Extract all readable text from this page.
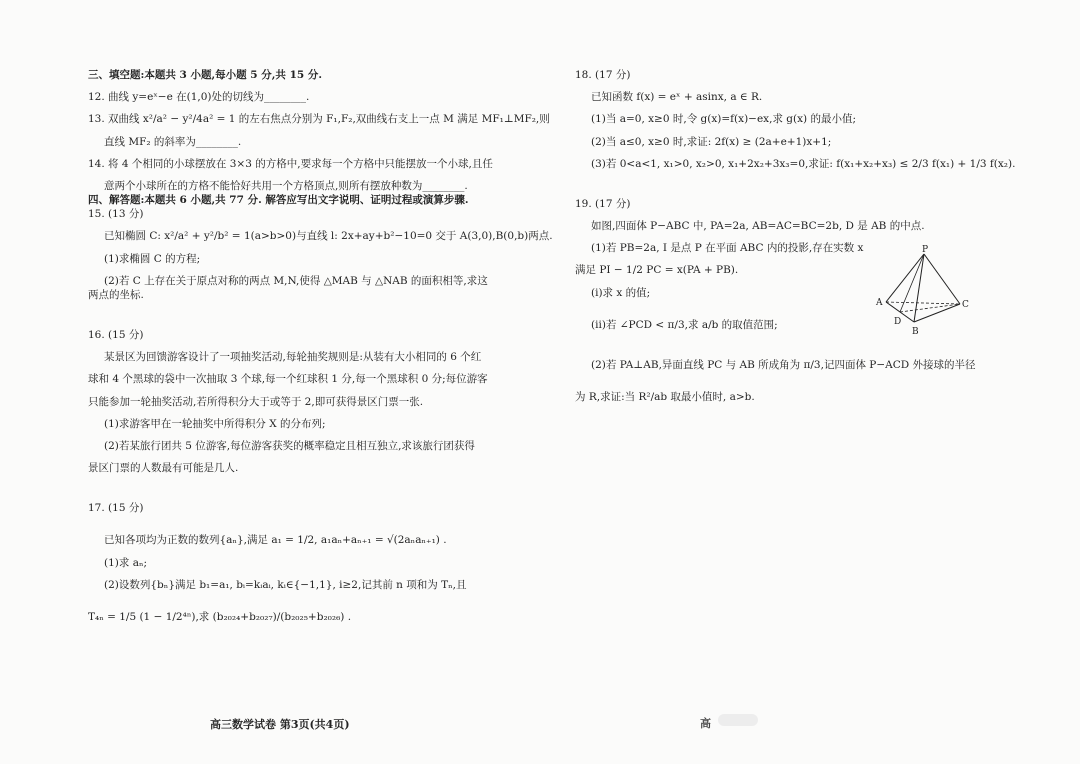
三、填空题:本题共 3 小题,每小题 5 分,共 15 分.

12. 曲线 y=eˣ−e 在(1,0)处的切线为________.

13. 双曲线 x²/a² − y²/4a² = 1 的左右焦点分别为 F₁,F₂,双曲线右支上一点 M 满足 MF₁⊥MF₂,则

直线 MF₂ 的斜率为________.

14. 将 4 个相同的小球摆放在 3×3 的方格中,要求每一个方格中只能摆放一个小球,且任

意两个小球所在的方格不能恰好共用一个方格顶点,则所有摆放种数为________.

四、解答题:本题共 6 小题,共 77 分. 解答应写出文字说明、证明过程或演算步骤.

15. (13 分)

已知椭圆 C: x²/a² + y²/b² = 1(a>b>0)与直线 l: 2x+ay+b²−10=0 交于 A(3,0),B(0,b)两点.

(1)求椭圆 C 的方程;

(2)若 C 上存在关于原点对称的两点 M,N,使得 △MAB 与 △NAB 的面积相等,求这

两点的坐标.

16. (15 分)

某景区为回馈游客设计了一项抽奖活动,每轮抽奖规则是:从装有大小相同的 6 个红

球和 4 个黑球的袋中一次抽取 3 个球,每一个红球积 1 分,每一个黑球积 0 分;每位游客

只能参加一轮抽奖活动,若所得积分大于或等于 2,即可获得景区门票一张.

(1)求游客甲在一轮抽奖中所得积分 X 的分布列;

(2)若某旅行团共 5 位游客,每位游客获奖的概率稳定且相互独立,求该旅行团获得

景区门票的人数最有可能是几人.

17. (15 分)

已知各项均为正数的数列{aₙ},满足 a₁ = 1/2, a₁aₙ+aₙ₊₁ = √(2aₙaₙ₊₁) .

(1)求 aₙ;

(2)设数列{bₙ}满足 b₁=a₁, bᵢ=kᵢaᵢ, kᵢ∈{−1,1}, i≥2,记其前 n 项和为 Tₙ,且

T₄ₙ = 1/5 (1 − 1/2⁴ⁿ),求 (b₂₀₂₄+b₂₀₂₇)/(b₂₀₂₅+b₂₀₂₆) .

18. (17 分)

已知函数 f(x) = eˣ + asinx, a ∈ R.

(1)当 a=0, x≥0 时,令 g(x)=f(x)−ex,求 g(x) 的最小值;

(2)当 a≤0, x≥0 时,求证: 2f(x) ≥ (2a+e+1)x+1;

(3)若 0<a<1, x₁>0, x₂>0, x₁+2x₂+3x₃=0,求证: f(x₁+x₂+x₃) ≤ 2/3 f(x₁) + 1/3 f(x₂).

19. (17 分)

如图,四面体 P−ABC 中, PA=2a, AB=AC=BC=2b, D 是 AB 的中点.

(1)若 PB=2a, I 是点 P 在平面 ABC 内的投影,存在实数 x

满足 PI − 1/2 PC = x(PA + PB).

(i)求 x 的值;

(ii)若 ∠PCD < π/3,求 a/b 的取值范围;

(2)若 PA⊥AB,异面直线 PC 与 AB 所成角为 π/3,记四面体 P−ACD 外接球的半径

为 R,求证:当 R²/ab 取最小值时, a>b.

P
A
B
C
D
高三数学试卷 第3页(共4页)	高
